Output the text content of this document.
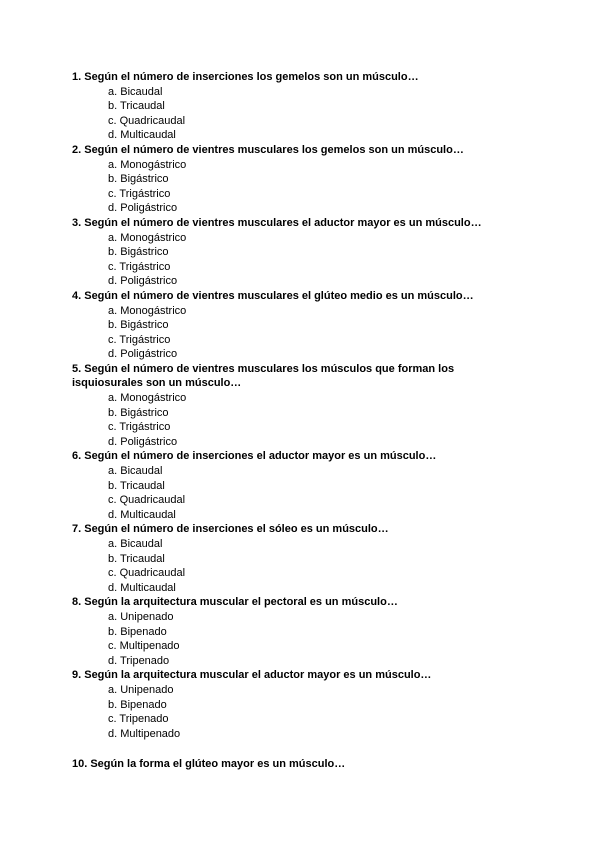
1. Según el número de inserciones los gemelos son un músculo…

a. Bicaudal
b. Tricaudal
c. Quadricaudal
d. Multicaudal

2. Según el número de vientres musculares los gemelos son un músculo…

a. Monogástrico
b. Bigástrico
c. Trigástrico
d. Poligástrico

3. Según el número de vientres musculares el aductor mayor es un músculo…

a. Monogástrico
b. Bigástrico
c. Trigástrico
d. Poligástrico

4. Según el número de vientres musculares el glúteo medio es un músculo…

a. Monogástrico
b. Bigástrico
c. Trigástrico
d. Poligástrico

5. Según el número de vientres musculares los músculos que forman los isquiosurales son un músculo…

a. Monogástrico
b. Bigástrico
c. Trigástrico
d. Poligástrico

6. Según el número de inserciones el aductor mayor es un músculo…

a. Bicaudal
b. Tricaudal
c. Quadricaudal
d. Multicaudal

7. Según el número de inserciones el sóleo es un músculo…

a. Bicaudal
b. Tricaudal
c. Quadricaudal
d. Multicaudal

8. Según la arquitectura muscular el pectoral es un músculo…

a. Unipenado
b. Bipenado
c. Multipenado
d. Tripenado

9. Según la arquitectura muscular el aductor mayor es un músculo…

a. Unipenado
b. Bipenado
c. Tripenado
d. Multipenado

10. Según la forma el glúteo mayor es un músculo…
